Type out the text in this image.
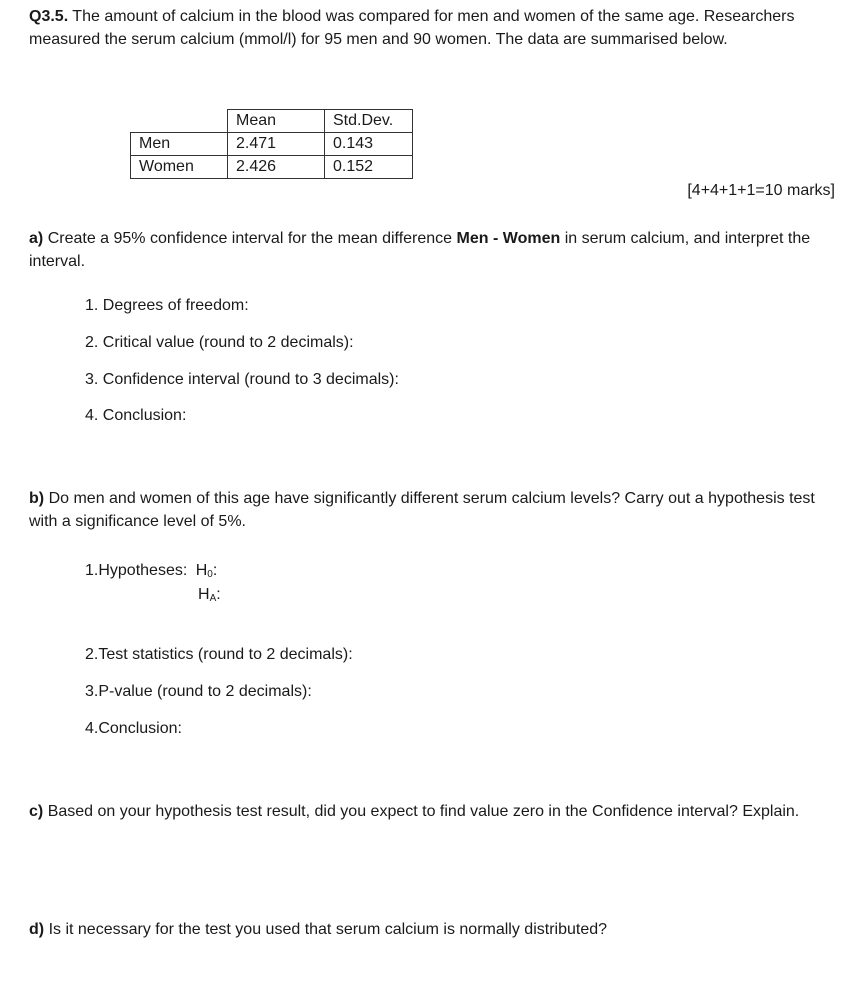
Q3.5. The amount of calcium in the blood was compared for men and women of the same age. Researchers measured the serum calcium (mmol/l) for 95 men and 90 women. The data are summarised below.

	Mean	Std.Dev.
Men	2.471	0.143
Women	2.426	0.152
[4+4+1+1=10 marks]

a) Create a 95% confidence interval for the mean difference Men - Women in serum calcium, and interpret the interval.

1. Degrees of freedom:
2. Critical value (round to 2 decimals):
3. Confidence interval (round to 3 decimals):
4. Conclusion:

b) Do men and women of this age have significantly different serum calcium levels? Carry out a hypothesis test with a significance level of 5%.

1.Hypotheses: H0:
HA:
2.Test statistics (round to 2 decimals):
3.P-value (round to 2 decimals):
4.Conclusion:

c) Based on your hypothesis test result, did you expect to find value zero in the Confidence interval? Explain.

d) Is it necessary for the test you used that serum calcium is normally distributed?
